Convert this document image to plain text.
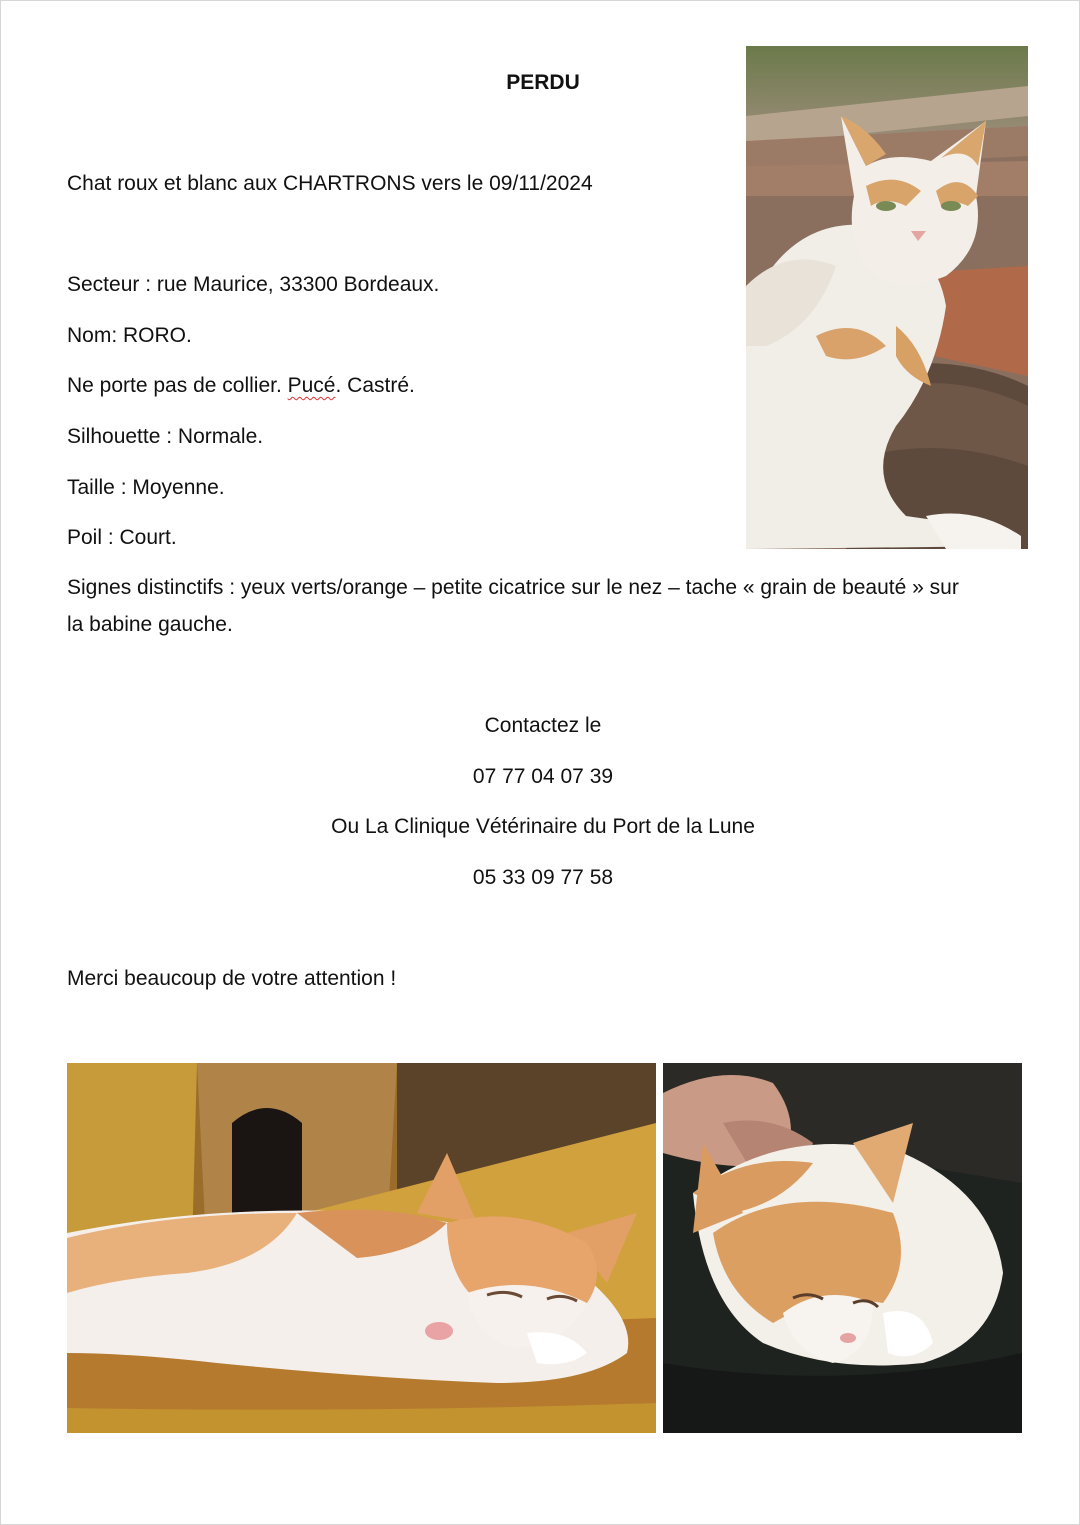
PERDU
Chat roux et blanc aux CHARTRONS vers le 09/11/2024
Secteur : rue Maurice, 33300 Bordeaux.
Nom: RORO.
Ne porte pas de collier. Pucé. Castré.
Silhouette : Normale.
Taille : Moyenne.
Poil : Court.
Signes distinctifs : yeux verts/orange – petite cicatrice sur le nez – tache « grain de beauté » sur la babine gauche.
Contactez le
07 77 04 07 39
Ou La Clinique Vétérinaire du Port de la Lune
05 33 09 77 58
Merci beaucoup de votre attention !
